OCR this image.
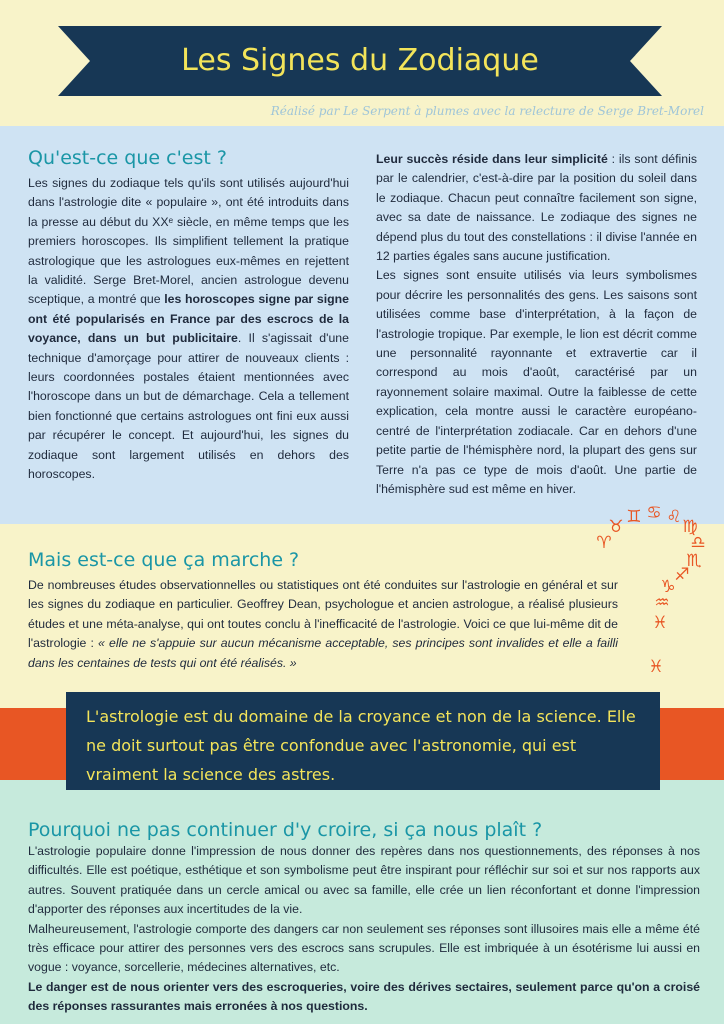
Les Signes du Zodiaque
Réalisé par Le Serpent à plumes avec la relecture de Serge Bret-Morel
Qu'est-ce que c'est ?

Les signes du zodiaque tels qu'ils sont utilisés aujourd'hui dans l'astrologie dite « populaire », ont été introduits dans la presse au début du XXᵉ siècle, en même temps que les premiers horoscopes. Ils simplifient tellement la pratique astrologique que les astrologues eux-mêmes en rejettent la validité. Serge Bret-Morel, ancien astrologue devenu sceptique, a montré que les horoscopes signe par signe ont été popularisés en France par des escrocs de la voyance, dans un but publicitaire. Il s'agissait d'une technique d'amorçage pour attirer de nouveaux clients : leurs coordonnées postales étaient mentionnées avec l'horoscope dans un but de démarchage. Cela a tellement bien fonctionné que certains astrologues ont fini eux aussi par récupérer le concept. Et aujourd'hui, les signes du zodiaque sont largement utilisés en dehors des horoscopes.

Leur succès réside dans leur simplicité : ils sont définis par le calendrier, c'est-à-dire par la position du soleil dans le zodiaque. Chacun peut connaître facilement son signe, avec sa date de naissance. Le zodiaque des signes ne dépend plus du tout des constellations : il divise l'année en 12 parties égales sans aucune justification.

Les signes sont ensuite utilisés via leurs symbolismes pour décrire les personnalités des gens. Les saisons sont utilisées comme base d'interprétation, à la façon de l'astrologie tropique. Par exemple, le lion est décrit comme une personnalité rayonnante et extravertie car il correspond au mois d'août, caractérisé par un rayonnement solaire maximal. Outre la faiblesse de cette explication, cela montre aussi le caractère européano-centré de l'interprétation zodiacale. Car en dehors d'une petite partie de l'hémisphère nord, la plupart des gens sur Terre n'a pas ce type de mois d'août. Une partie de l'hémisphère sud est même en hiver.

♈
♉ ♊ ♋ ♌ ♍
♎
♏
♐
♑
♒
♓
♓
Mais est-ce que ça marche ?
De nombreuses études observationnelles ou statistiques ont été conduites sur l'astrologie en général et sur les signes du zodiaque en particulier. Geoffrey Dean, psychologue et ancien astrologue, a réalisé plusieurs études et une méta-analyse, qui ont toutes conclu à l'inefficacité de l'astrologie. Voici ce que lui-même dit de l'astrologie : « elle ne s'appuie sur aucun mécanisme acceptable, ses principes sont invalides et elle a failli dans les centaines de tests qui ont été réalisés. »
L'astrologie est du domaine de la croyance et non de la science. Elle ne doit surtout pas être confondue avec l'astronomie, qui est vraiment la science des astres.
Pourquoi ne pas continuer d'y croire, si ça nous plaît ?

L'astrologie populaire donne l'impression de nous donner des repères dans nos questionnements, des réponses à nos difficultés. Elle est poétique, esthétique et son symbolisme peut être inspirant pour réfléchir sur soi et sur nos rapports aux autres. Souvent pratiquée dans un cercle amical ou avec sa famille, elle crée un lien réconfortant et donne l'impression d'apporter des réponses aux incertitudes de la vie.

Malheureusement, l'astrologie comporte des dangers car non seulement ses réponses sont illusoires mais elle a même été très efficace pour attirer des personnes vers des escrocs sans scrupules. Elle est imbriquée à un ésotérisme lui aussi en vogue : voyance, sorcellerie, médecines alternatives, etc.

Le danger est de nous orienter vers des escroqueries, voire des dérives sectaires, seulement parce qu'on a croisé des réponses rassurantes mais erronées à nos questions.
